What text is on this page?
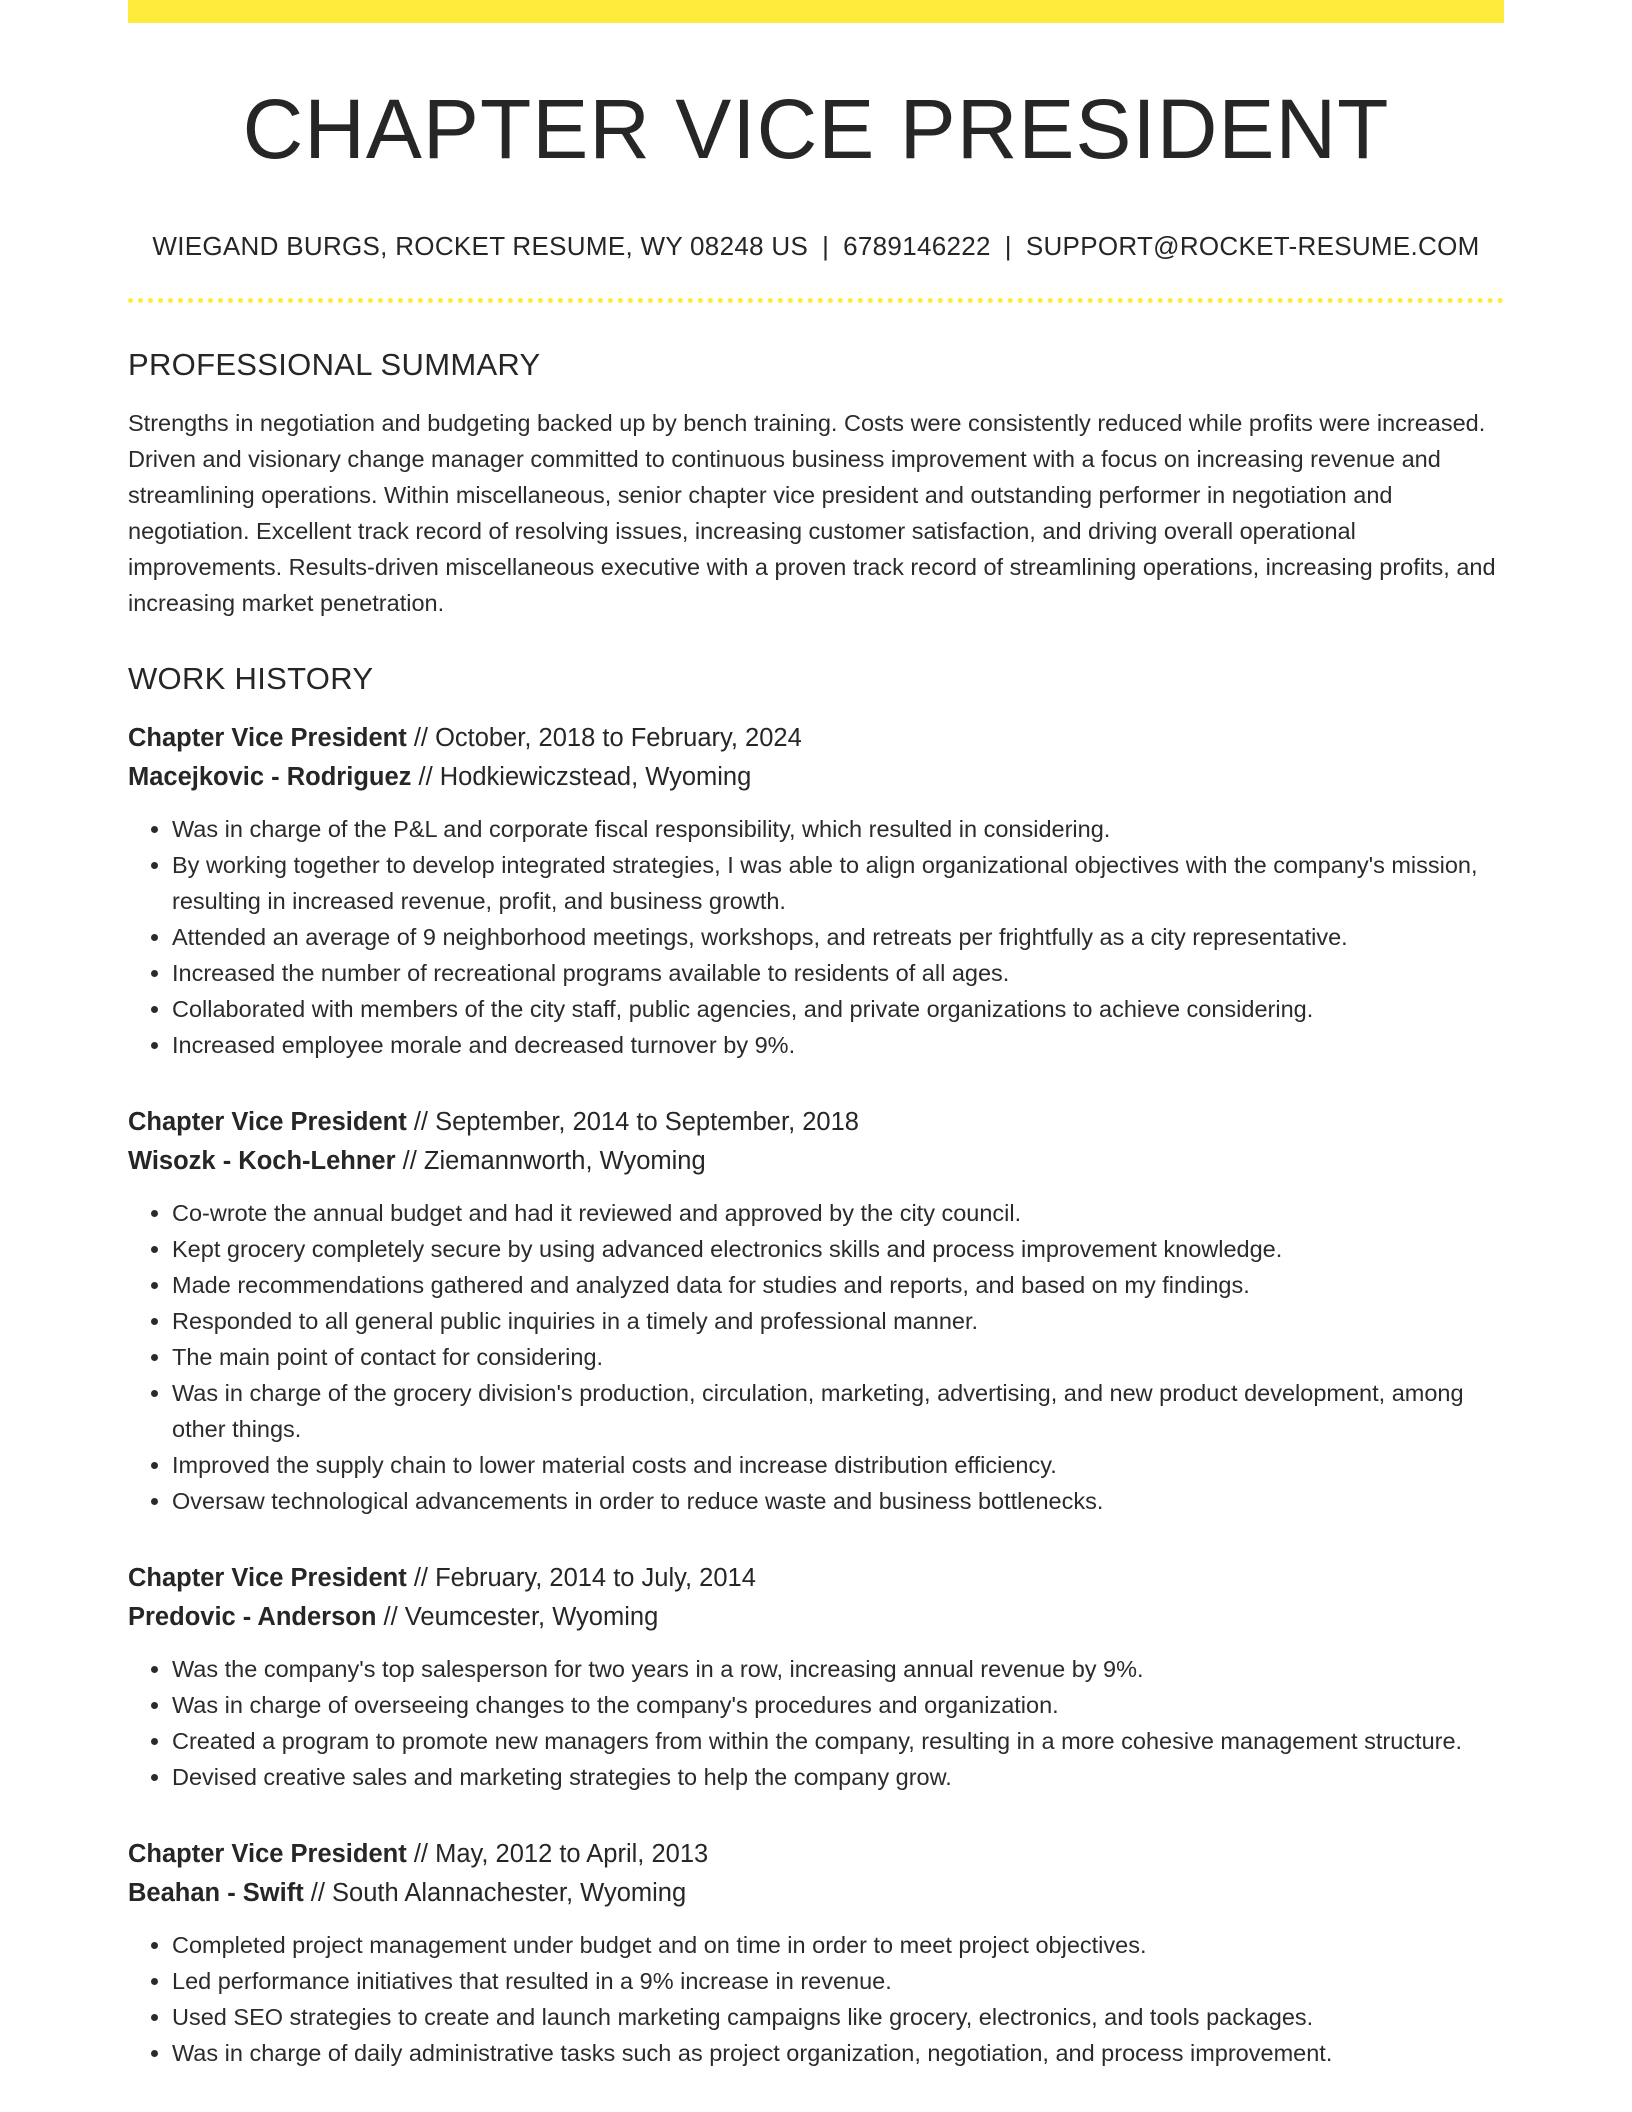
CHAPTER VICE PRESIDENT
WIEGAND BURGS, ROCKET RESUME, WY 08248 US | 6789146222 | SUPPORT@ROCKET-RESUME.COM
PROFESSIONAL SUMMARY

Strengths in negotiation and budgeting backed up by bench training. Costs were consistently reduced while profits were increased. Driven and visionary change manager committed to continuous business improvement with a focus on increasing revenue and streamlining operations. Within miscellaneous, senior chapter vice president and outstanding performer in negotiation and negotiation. Excellent track record of resolving issues, increasing customer satisfaction, and driving overall operational improvements. Results-driven miscellaneous executive with a proven track record of streamlining operations, increasing profits, and increasing market penetration.

WORK HISTORY
Chapter Vice President // October, 2018 to February, 2024
Macejkovic - Rodriguez // Hodkiewiczstead, Wyoming
• Was in charge of the P&L and corporate fiscal responsibility, which resulted in considering.
• By working together to develop integrated strategies, I was able to align organizational objectives with the company's mission, resulting in increased revenue, profit, and business growth.
• Attended an average of 9 neighborhood meetings, workshops, and retreats per frightfully as a city representative.
• Increased the number of recreational programs available to residents of all ages.
• Collaborated with members of the city staff, public agencies, and private organizations to achieve considering.
• Increased employee morale and decreased turnover by 9%.
Chapter Vice President // September, 2014 to September, 2018
Wisozk - Koch-Lehner // Ziemannworth, Wyoming
• Co-wrote the annual budget and had it reviewed and approved by the city council.
• Kept grocery completely secure by using advanced electronics skills and process improvement knowledge.
• Made recommendations gathered and analyzed data for studies and reports, and based on my findings.
• Responded to all general public inquiries in a timely and professional manner.
• The main point of contact for considering.
• Was in charge of the grocery division's production, circulation, marketing, advertising, and new product development, among other things.
• Improved the supply chain to lower material costs and increase distribution efficiency.
• Oversaw technological advancements in order to reduce waste and business bottlenecks.
Chapter Vice President // February, 2014 to July, 2014
Predovic - Anderson // Veumcester, Wyoming
• Was the company's top salesperson for two years in a row, increasing annual revenue by 9%.
• Was in charge of overseeing changes to the company's procedures and organization.
• Created a program to promote new managers from within the company, resulting in a more cohesive management structure.
• Devised creative sales and marketing strategies to help the company grow.
Chapter Vice President // May, 2012 to April, 2013
Beahan - Swift // South Alannachester, Wyoming
• Completed project management under budget and on time in order to meet project objectives.
• Led performance initiatives that resulted in a 9% increase in revenue.
• Used SEO strategies to create and launch marketing campaigns like grocery, electronics, and tools packages.
• Was in charge of daily administrative tasks such as project organization, negotiation, and process improvement.
